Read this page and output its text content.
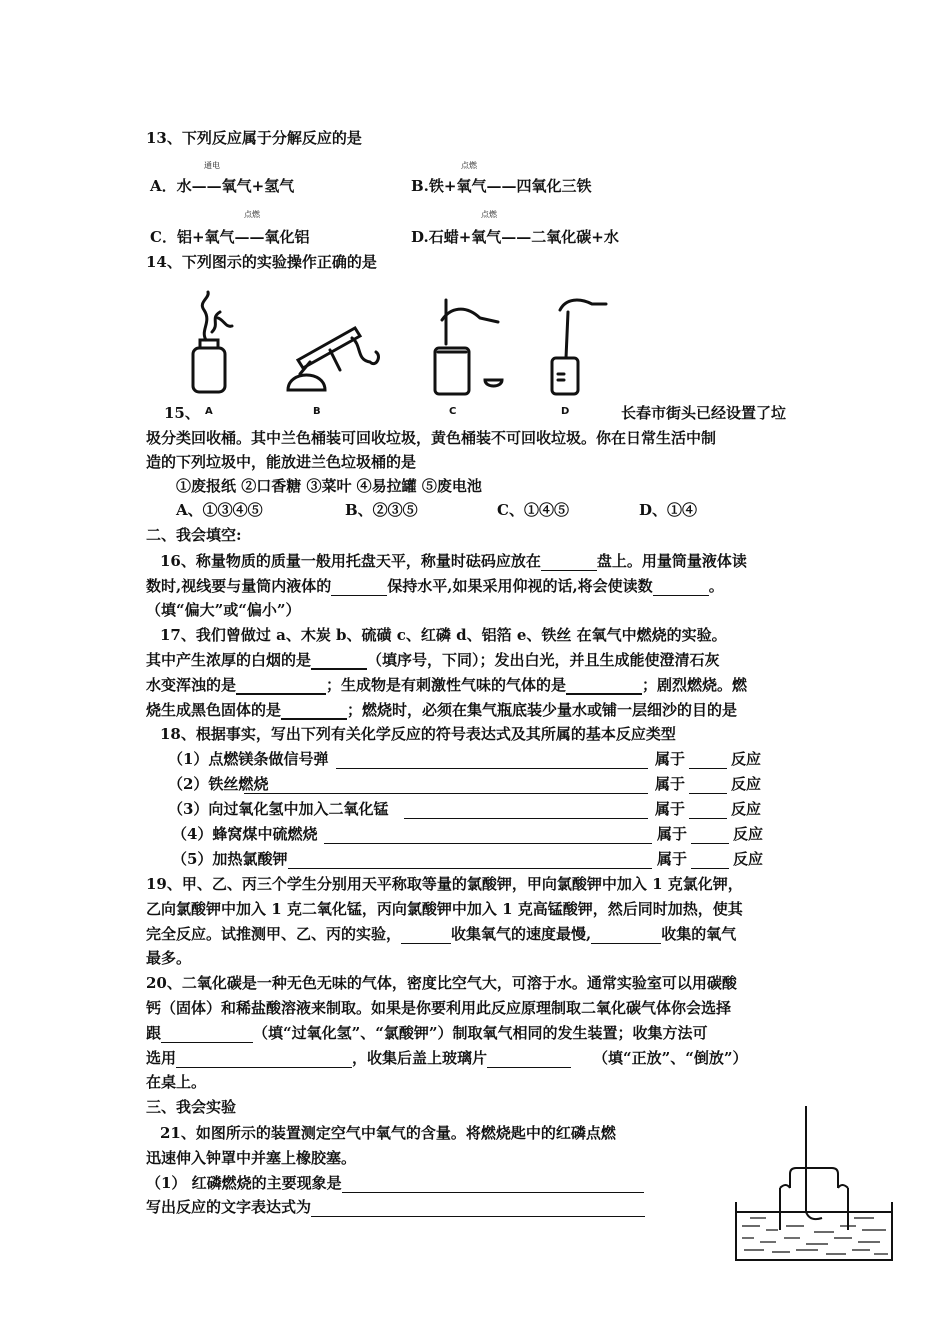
13、下列反应属于分解反应的是
通电
A．水——氧气+氢气
点燃
B.铁+氧气——四氧化三铁
点燃
C．铝+氧气——氧化铝
点燃
D.石蜡+氧气——二氧化碳+水
14、下列图示的实验操作正确的是
A	B	C	D
15、	长春市街头已经设置了垃
圾分类回收桶。其中兰色桶装可回收垃圾，黄色桶装不可回收垃圾。你在日常生活中制
造的下列垃圾中，能放进兰色垃圾桶的是
①废报纸 ②口香糖 ③菜叶 ④易拉罐 ⑤废电池
A、①③④⑤	B、②③⑤	C、①④⑤	D、①④
二、我会填空:
16、称量物质的质量一般用托盘天平，称量时砝码应放在	盘上。用量筒量液体读
数时,视线要与量筒内液体的	保持水平,如果采用仰视的话,将会使读数	。
（填“偏大”或“偏小”）
17、我们曾做过 a、木炭 b、硫磺 c、红磷 d、铝箔 e、铁丝 在氧气中燃烧的实验。
其中产生浓厚的白烟的是	（填序号，下同）；发出白光，并且生成能使澄清石灰
水变浑浊的是	；生成物是有刺激性气味的气体的是	；剧烈燃烧。燃
烧生成黑色固体的是	；燃烧时，必须在集气瓶底装少量水或铺一层细沙的目的是
18、根据事实，写出下列有关化学反应的符号表达式及其所属的基本反应类型
（1）点燃镁条做信号弹	属于	反应
（2）铁丝燃烧	属于	反应
（3）向过氧化氢中加入二氧化锰	属于	反应
（4）蜂窝煤中硫燃烧	属于	反应
（5）加热氯酸钾	属于	反应
19、甲、乙、丙三个学生分别用天平称取等量的氯酸钾，甲向氯酸钾中加入 1 克氯化钾，
乙向氯酸钾中加入 1 克二氧化锰，丙向氯酸钾中加入 1 克高锰酸钾，然后同时加热，使其
完全反应。试推测甲、乙、丙的实验，	收集氧气的速度最慢,	收集的氧气
最多。
20、二氧化碳是一种无色无味的气体，密度比空气大，可溶于水。通常实验室可以用碳酸
钙（固体）和稀盐酸溶液来制取。如果是你要利用此反应原理制取二氧化碳气体你会选择
跟	（填“过氧化氢”、“氯酸钾”）制取氧气相同的发生装置；收集方法可
选用	，收集后盖上玻璃片	（填“正放”、“倒放”）
在桌上。
三、我会实验
21、如图所示的装置测定空气中氧气的含量。将燃烧匙中的红磷点燃
迅速伸入钟罩中并塞上橡胶塞。
（1） 红磷燃烧的主要现象是
写出反应的文字表达式为
